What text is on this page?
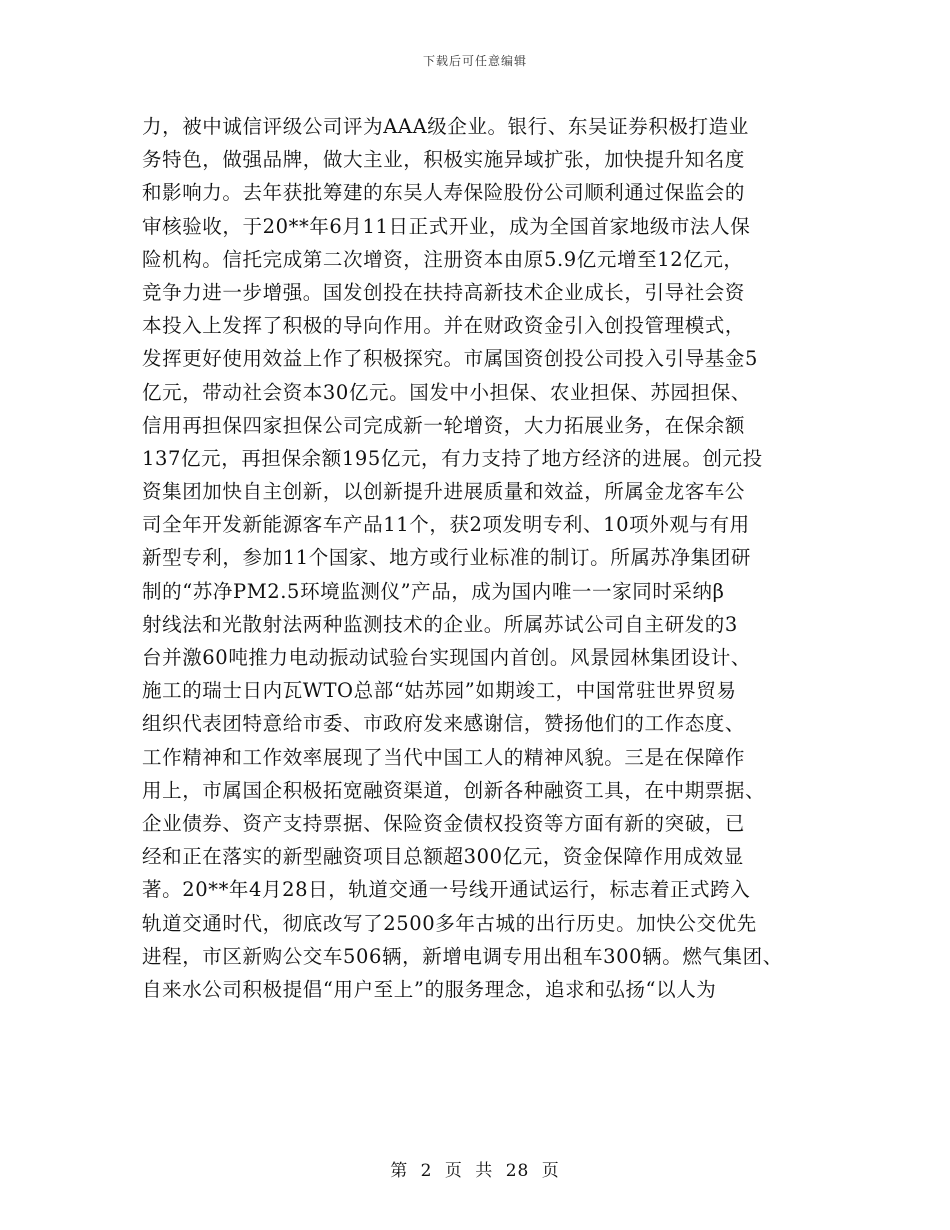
下载后可任意编辑
力，被中诚信评级公司评为AAA级企业。银行、东吴证券积极打造业
务特色，做强品牌，做大主业，积极实施异域扩张，加快提升知名度
和影响力。去年获批筹建的东吴人寿保险股份公司顺利通过保监会的
审核验收，于20**年6月11日正式开业，成为全国首家地级市法人保
险机构。信托完成第二次增资，注册资本由原5.9亿元增至12亿元，
竞争力进一步增强。国发创投在扶持高新技术企业成长，引导社会资
本投入上发挥了积极的导向作用。并在财政资金引入创投管理模式，
发挥更好使用效益上作了积极探究。市属国资创投公司投入引导基金5
亿元，带动社会资本30亿元。国发中小担保、农业担保、苏园担保、
信用再担保四家担保公司完成新一轮增资，大力拓展业务，在保余额
137亿元，再担保余额195亿元，有力支持了地方经济的进展。创元投
资集团加快自主创新，以创新提升进展质量和效益，所属金龙客车公
司全年开发新能源客车产品11个，获2项发明专利、10项外观与有用
新型专利，参加11个国家、地方或行业标准的制订。所属苏净集团研
制的“苏净PM2.5环境监测仪”产品，成为国内唯一一家同时采纳β
射线法和光散射法两种监测技术的企业。所属苏试公司自主研发的3
台并激60吨推力电动振动试验台实现国内首创。风景园林集团设计、
施工的瑞士日内瓦WTO总部“姑苏园”如期竣工，中国常驻世界贸易
组织代表团特意给市委、市政府发来感谢信，赞扬他们的工作态度、
工作精神和工作效率展现了当代中国工人的精神风貌。三是在保障作
用上，市属国企积极拓宽融资渠道，创新各种融资工具，在中期票据、
企业债券、资产支持票据、保险资金债权投资等方面有新的突破，已
经和正在落实的新型融资项目总额超300亿元，资金保障作用成效显
著。20**年4月28日，轨道交通一号线开通试运行，标志着正式跨入
轨道交通时代，彻底改写了2500多年古城的出行历史。加快公交优先
进程，市区新购公交车506辆，新增电调专用出租车300辆。燃气集团、
自来水公司积极提倡“用户至上”的服务理念，追求和弘扬“以人为
第 2 页 共 28 页
